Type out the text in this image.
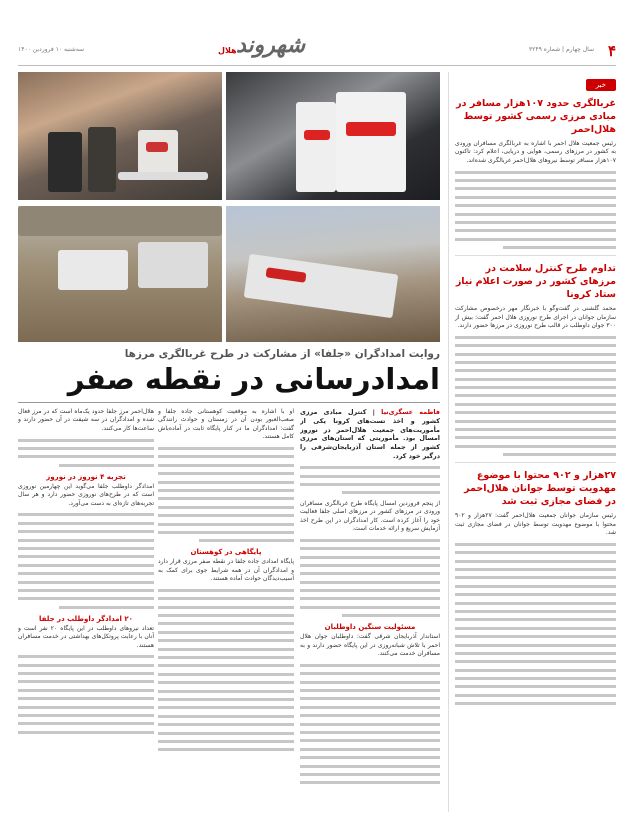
۴
سال چهارم | شماره ۳۲۴۹
شهروند
هلال
سه‌شنبه ۱۰ فروردین ۱۴۰۰
خبر
غربالگری حدود ۱۰۷هزار مسافر در مبادی مرزی رسمی کشور توسط هلال‌احمر
رئیس جمعیت هلال احمر با اشاره به غربالگری مسافران ورودی به کشور در مرزهای رسمی، هوایی و دریایی، اعلام کرد: تاکنون ۱۰۷هزار مسافر توسط نیروهای هلال‌احمر غربالگری شده‌اند.
تداوم طرح کنترل سلامت در مرزهای کشور در صورت اعلام نیاز ستاد کرونا
محمد گلشنی در گفت‌وگو با خبرنگار مهر درخصوص مشارکت سازمان جوانان در اجرای طرح نوروزی هلال احمر گفت: بیش از ۳۰۰ جوان داوطلب در قالب طرح نوروزی در مرزها حضور دارند.
۲۷هزار و ۹۰۲ محتوا با موضوع مهدویت توسط جوانان هلال‌احمر در فضای مجازی ثبت شد
رئیس سازمان جوانان جمعیت هلال‌احمر گفت: ۲۷هزار و ۹۰۲ محتوا با موضوع مهدویت توسط جوانان در فضای مجازی ثبت شد.
روایت امدادگران «جلفا» از مشارکت در طرح غربالگری مرزها
امدادرسانی در نقطه صفر
فاطمه عسگری‌نیا | کنترل مبادی مرزی کشور و اخذ تست‌های کرونا یکی از مأموریت‌های جمعیت هلال‌احمر در نوروز امسال بود. مأموریتی که استان‌های مرزی کشور از جمله استان آذربایجان‌شرقی را درگیر خود کرد.

از پنجم فروردین امسال پایگاه طرح غربالگری مسافران ورودی در مرزهای کشور در مرزهای اصلی جلفا فعالیت خود را آغاز کرده است. کار امدادگران در این طرح اخذ آزمایش سریع و ارائه خدمات است.

مسئولیت سنگین داوطلبان

استاندار آذربایجان شرقی گفت: داوطلبان جوان هلال احمر با تلاش شبانه‌روزی در این پایگاه حضور دارند و به مسافران خدمت می‌کنند.

او با اشاره به موقعیت کوهستانی جاده جلفا و صعب‌العبور بودن آن در زمستان و حوادث رانندگی گفت: امدادگران ما در کنار پایگاه ثابت در آماده‌باش کامل هستند.

پایگاهی در کوهستان

پایگاه امدادی جاده جلفا در نقطه صفر مرزی قرار دارد و امدادگران آن در همه شرایط جوی برای کمک به آسیب‌دیدگان حوادث آماده هستند.

هلال‌احمر مرز جلفا حدود یک‌ماه است که در مرز فعال شده و امدادگران در سه شیفت در آن حضور دارند و ساعت‌ها کار می‌کنند.

تجربه ۴ نوروز در نوروز

امدادگر داوطلب جلفا می‌گوید این چهارمین نوروزی است که در طرح‌های نوروزی حضور دارد و هر سال تجربه‌های تازه‌ای به دست می‌آورد.

۲۰ امدادگر داوطلب در جلفا

تعداد نیروهای داوطلب در این پایگاه ۲۰ نفر است و آنان با رعایت پروتکل‌های بهداشتی در خدمت مسافران هستند.
